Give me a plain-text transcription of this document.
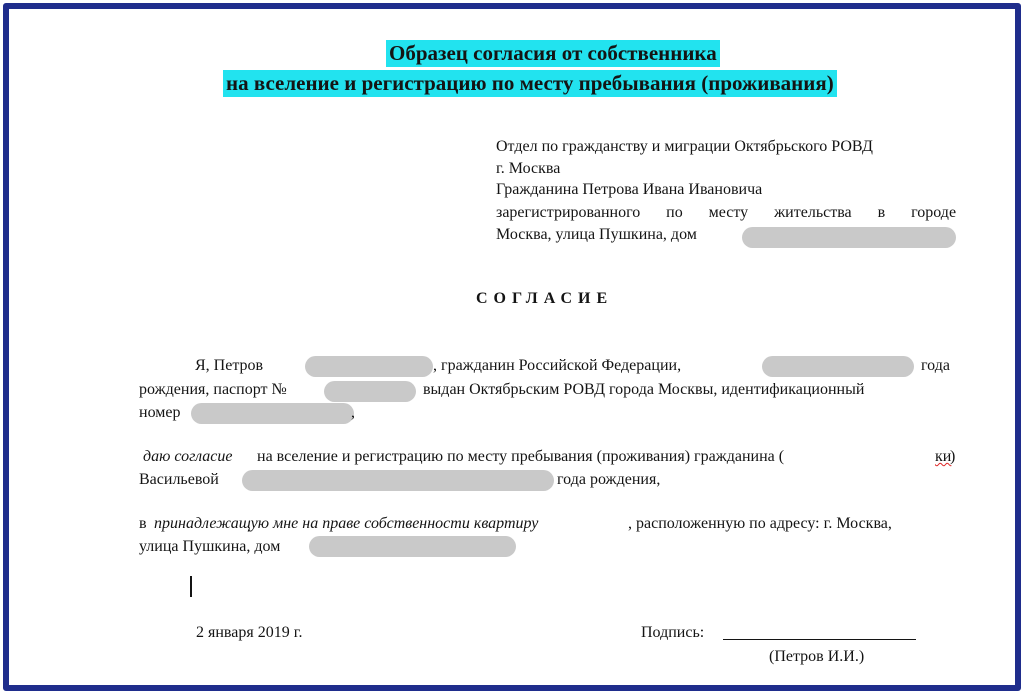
Образец согласия от собственника
на вселение и регистрацию по месту пребывания (проживания)
Отдел по гражданству и миграции Октябрьского РОВД
г. Москва
Гражданина Петрова Ивана Ивановича
зарегистрированного по месту жительства в городе
Москва, улица Пушкина, дом
СОГЛАСИЕ
Я, Петров	, гражданин Российской Федерации,	года
рождения, паспорт №	выдан Октябрьским РОВД города Москвы, идентификационный
номер	,
даю согласие на вселение и регистрацию по месту пребывания (проживания) гражданина (	ки
)
Васильевой	года рождения,
в принадлежащую мне на праве собственности квартиру	, расположенную по адресу: г. Москва,
улица Пушкина, дом
2 января 2019 г.	Подпись:
(Петров И.И.)
